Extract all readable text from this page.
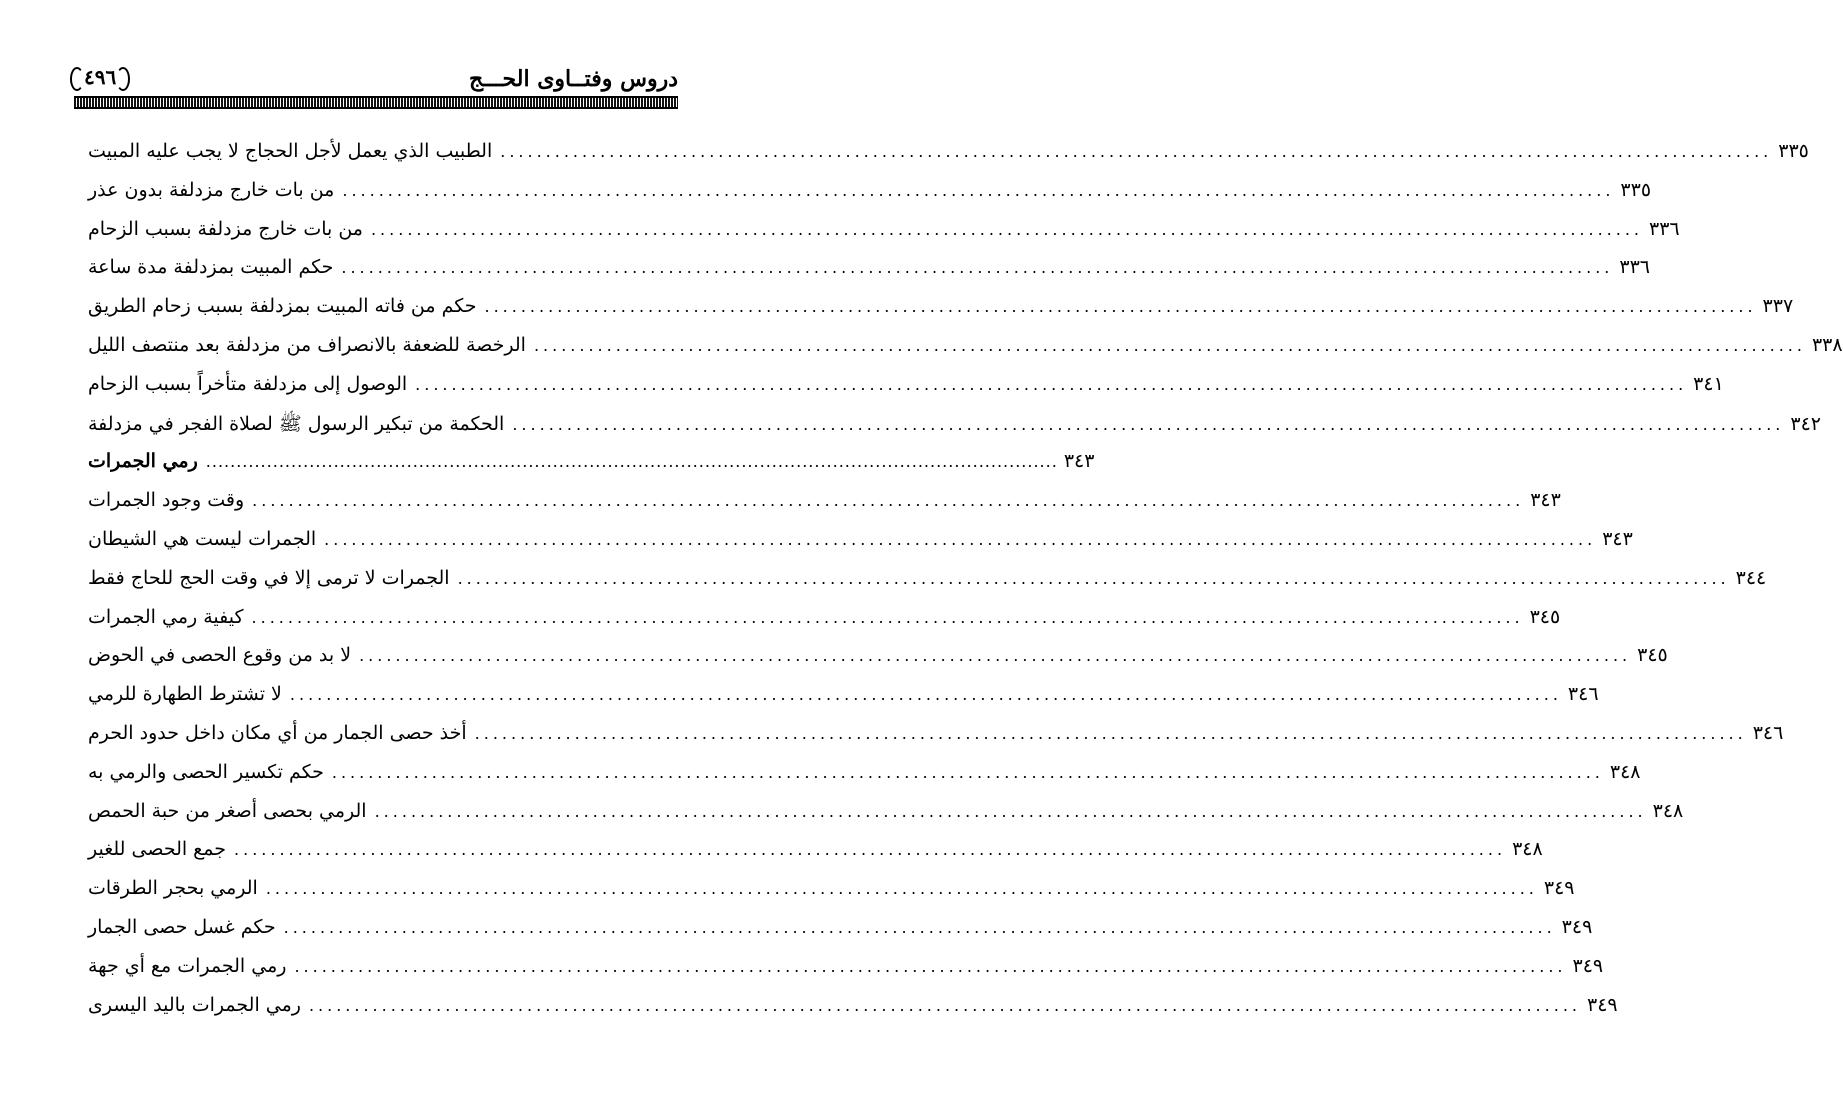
دروس وفتــاوى الحـــج
٤٩٦
الطبيب الذي يعمل لأجل الحجاج لا يجب عليه المبيت ............................................................................................................................................ ٣٣٥
من بات خارج مزدلفة بدون عذر ............................................................................................................................................ ٣٣٥
من بات خارج مزدلفة بسبب الزحام ............................................................................................................................................ ٣٣٦
حكم المبيت بمزدلفة مدة ساعة ............................................................................................................................................ ٣٣٦
حكم من فاته المبيت بمزدلفة بسبب زحام الطريق ............................................................................................................................................ ٣٣٧
الرخصة للضعفة بالانصراف من مزدلفة بعد منتصف الليل ............................................................................................................................................ ٣٣٨
الوصول إلى مزدلفة متأخراً بسبب الزحام ............................................................................................................................................ ٣٤١
الحكمة من تبكير الرسول ﷺ لصلاة الفجر في مزدلفة ............................................................................................................................................ ٣٤٢
رمي الجمرات ............................................................................................................................................ ٣٤٣
وقت وجود الجمرات ............................................................................................................................................ ٣٤٣
الجمرات ليست هي الشيطان ............................................................................................................................................ ٣٤٣
الجمرات لا ترمى إلا في وقت الحج للحاج فقط ............................................................................................................................................ ٣٤٤
كيفية رمي الجمرات ............................................................................................................................................ ٣٤٥
لا بد من وقوع الحصى في الحوض ............................................................................................................................................ ٣٤٥
لا تشترط الطهارة للرمي ............................................................................................................................................ ٣٤٦
أخذ حصى الجمار من أي مكان داخل حدود الحرم ............................................................................................................................................ ٣٤٦
حكم تكسير الحصى والرمي به ............................................................................................................................................ ٣٤٨
الرمي بحصى أصغر من حبة الحمص ............................................................................................................................................ ٣٤٨
جمع الحصى للغير ............................................................................................................................................ ٣٤٨
الرمي بحجر الطرقات ............................................................................................................................................ ٣٤٩
حكم غسل حصى الجمار ............................................................................................................................................ ٣٤٩
رمي الجمرات مع أي جهة ............................................................................................................................................ ٣٤٩
رمي الجمرات باليد اليسرى ............................................................................................................................................ ٣٤٩
